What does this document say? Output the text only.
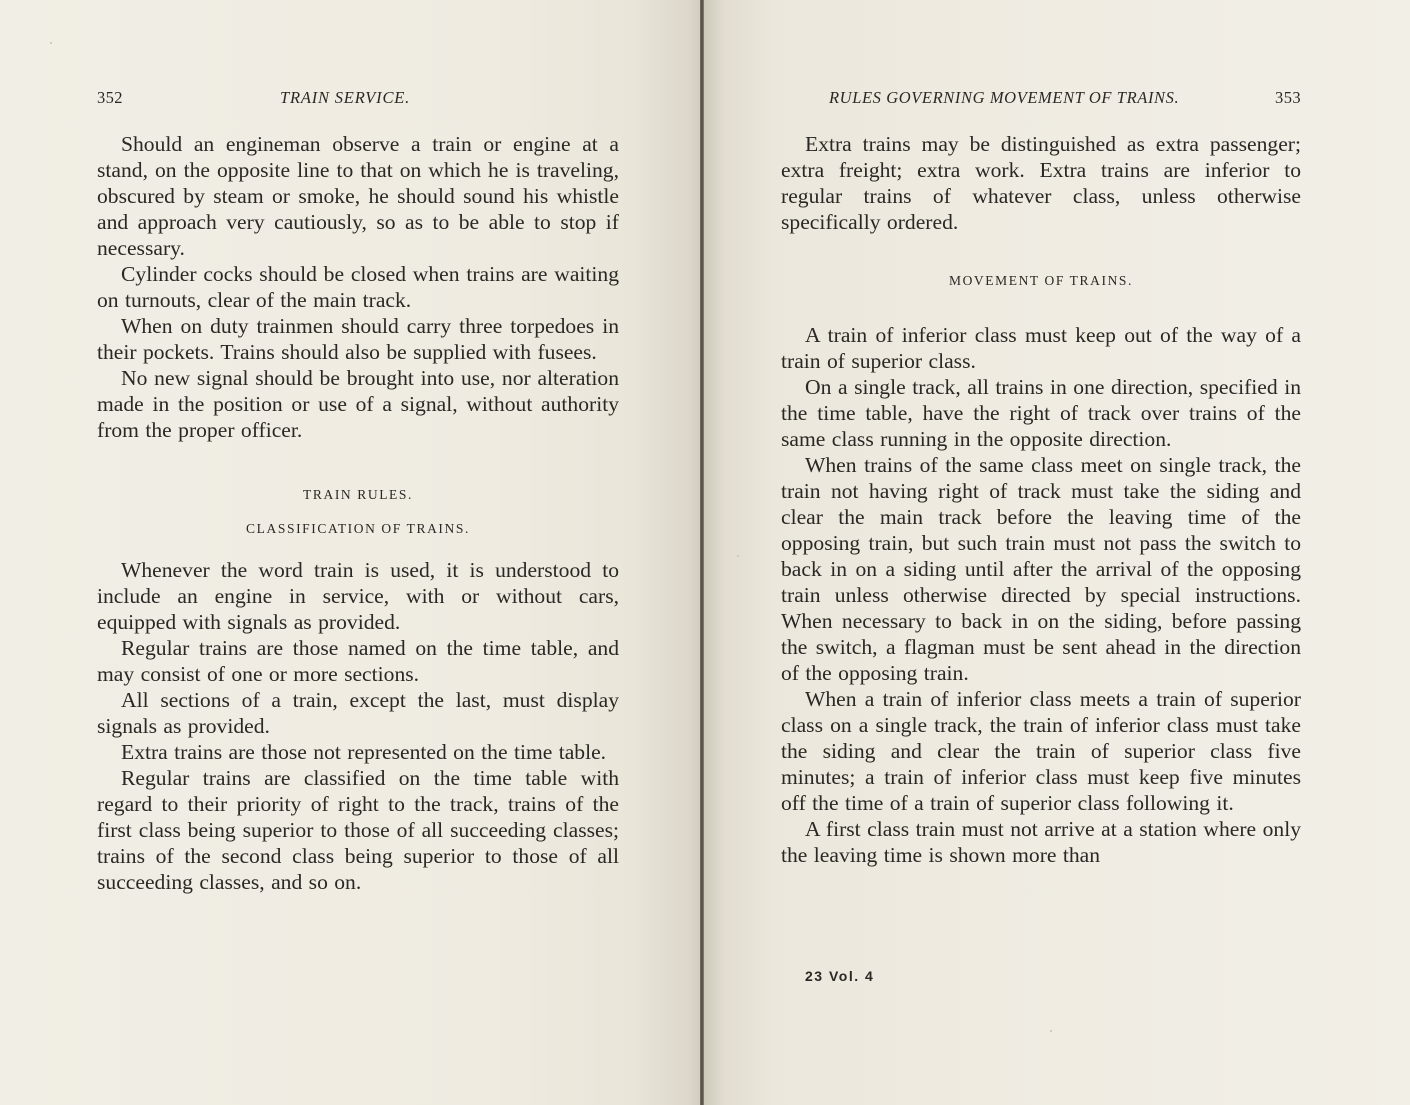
352	TRAIN SERVICE.

Should an engineman observe a train or engine at a stand, on the opposite line to that on which he is traveling, obscured by steam or smoke, he should sound his whistle and approach very cautiously, so as to be able to stop if necessary.

Cylinder cocks should be closed when trains are waiting on turnouts, clear of the main track.

When on duty trainmen should carry three torpedoes in their pockets. Trains should also be supplied with fusees.

No new signal should be brought into use, nor alteration made in the position or use of a signal, without authority from the proper officer.

TRAIN RULES.

CLASSIFICATION OF TRAINS.

Whenever the word train is used, it is understood to include an engine in service, with or without cars, equipped with signals as provided.

Regular trains are those named on the time table, and may consist of one or more sections.

All sections of a train, except the last, must display signals as provided.

Extra trains are those not represented on the time table.

Regular trains are classified on the time table with regard to their priority of right to the track, trains of the first class being superior to those of all succeeding classes; trains of the second class being superior to those of all succeeding classes, and so on.

RULES GOVERNING MOVEMENT OF TRAINS.	353

Extra trains may be distinguished as extra passenger; extra freight; extra work. Extra trains are inferior to regular trains of whatever class, unless otherwise specifically ordered.

MOVEMENT OF TRAINS.

A train of inferior class must keep out of the way of a train of superior class.

On a single track, all trains in one direction, specified in the time table, have the right of track over trains of the same class running in the opposite direction.

When trains of the same class meet on single track, the train not having right of track must take the siding and clear the main track before the leaving time of the opposing train, but such train must not pass the switch to back in on a siding until after the arrival of the opposing train unless otherwise directed by special instructions. When necessary to back in on the siding, before passing the switch, a flagman must be sent ahead in the direction of the opposing train.

When a train of inferior class meets a train of superior class on a single track, the train of inferior class must take the siding and clear the train of superior class five minutes; a train of inferior class must keep five minutes off the time of a train of superior class following it.

A first class train must not arrive at a station where only the leaving time is shown more than

23 Vol. 4
